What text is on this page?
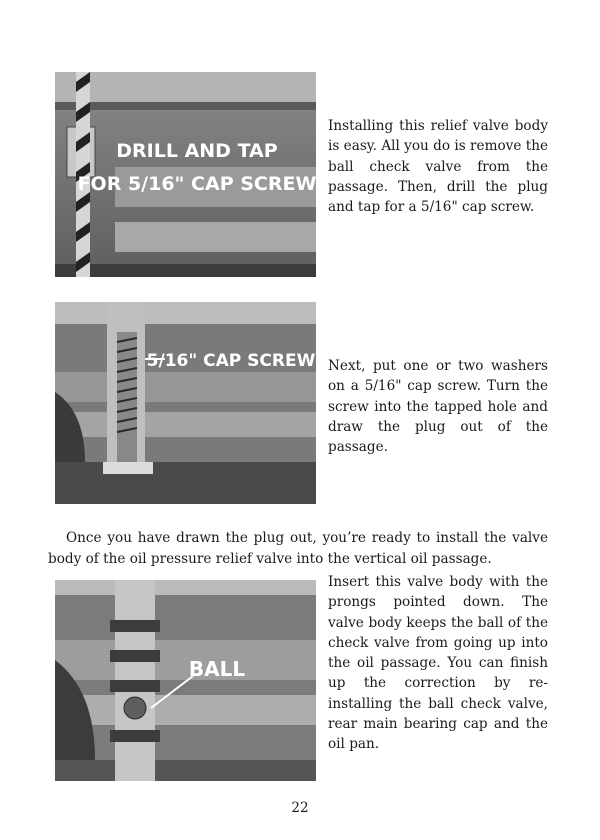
DRILL AND TAP
FOR 5/16" CAP SCREW

Installing this relief valve body is easy. All you do is remove the ball check valve from the passage. Then, drill the plug and tap for a 5/16" cap screw.

5/16" CAP SCREW Next, put one or two washers on a 5/16" cap screw. Turn the screw into the tapped hole and draw the plug out of the passage.

Once you have drawn the plug out, you’re ready to install the valve body of the oil pressure relief valve into the vertical oil passage.

BALL

Insert this valve body with the prongs pointed down. The valve body keeps the ball of the check valve from going up into the oil passage. You can finish up the correction by re-installing the ball check valve, rear main bearing cap and the oil pan.

22
